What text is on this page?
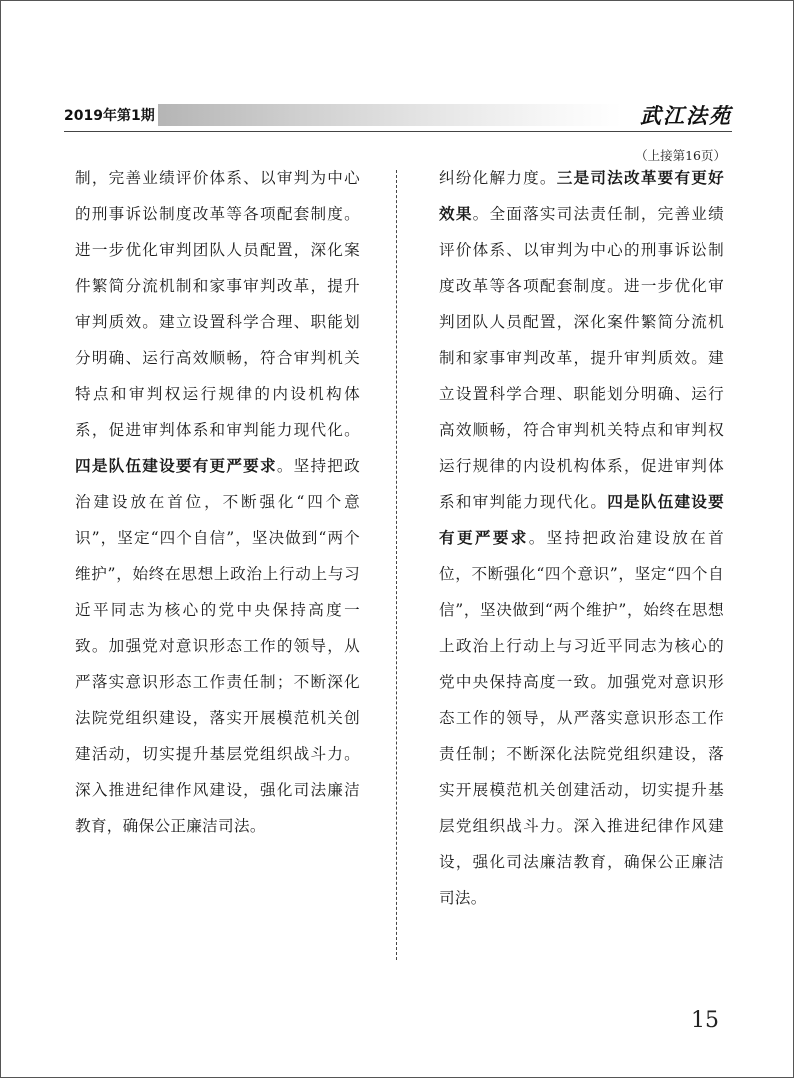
2019年第1期	武江法苑
（上接第16页）

制，完善业绩评价体系、以审判为中心的刑事诉讼制度改革等各项配套制度。进一步优化审判团队人员配置，深化案件繁简分流机制和家事审判改革，提升审判质效。建立设置科学合理、职能划分明确、运行高效顺畅，符合审判机关特点和审判权运行规律的内设机构体系，促进审判体系和审判能力现代化。四是队伍建设要有更严要求。坚持把政治建设放在首位，不断强化“四个意识”，坚定“四个自信”，坚决做到“两个维护”，始终在思想上政治上行动上与习近平同志为核心的党中央保持高度一致。加强党对意识形态工作的领导，从严落实意识形态工作责任制；不断深化法院党组织建设，落实开展模范机关创建活动，切实提升基层党组织战斗力。深入推进纪律作风建设，强化司法廉洁教育，确保公正廉洁司法。

纠纷化解力度。三是司法改革要有更好效果。全面落实司法责任制，完善业绩评价体系、以审判为中心的刑事诉讼制度改革等各项配套制度。进一步优化审判团队人员配置，深化案件繁简分流机制和家事审判改革，提升审判质效。建立设置科学合理、职能划分明确、运行高效顺畅，符合审判机关特点和审判权运行规律的内设机构体系，促进审判体系和审判能力现代化。四是队伍建设要有更严要求。坚持把政治建设放在首位，不断强化“四个意识”，坚定“四个自信”，坚决做到“两个维护”，始终在思想上政治上行动上与习近平同志为核心的党中央保持高度一致。加强党对意识形态工作的领导，从严落实意识形态工作责任制；不断深化法院党组织建设，落实开展模范机关创建活动，切实提升基层党组织战斗力。深入推进纪律作风建设，强化司法廉洁教育，确保公正廉洁司法。

15
